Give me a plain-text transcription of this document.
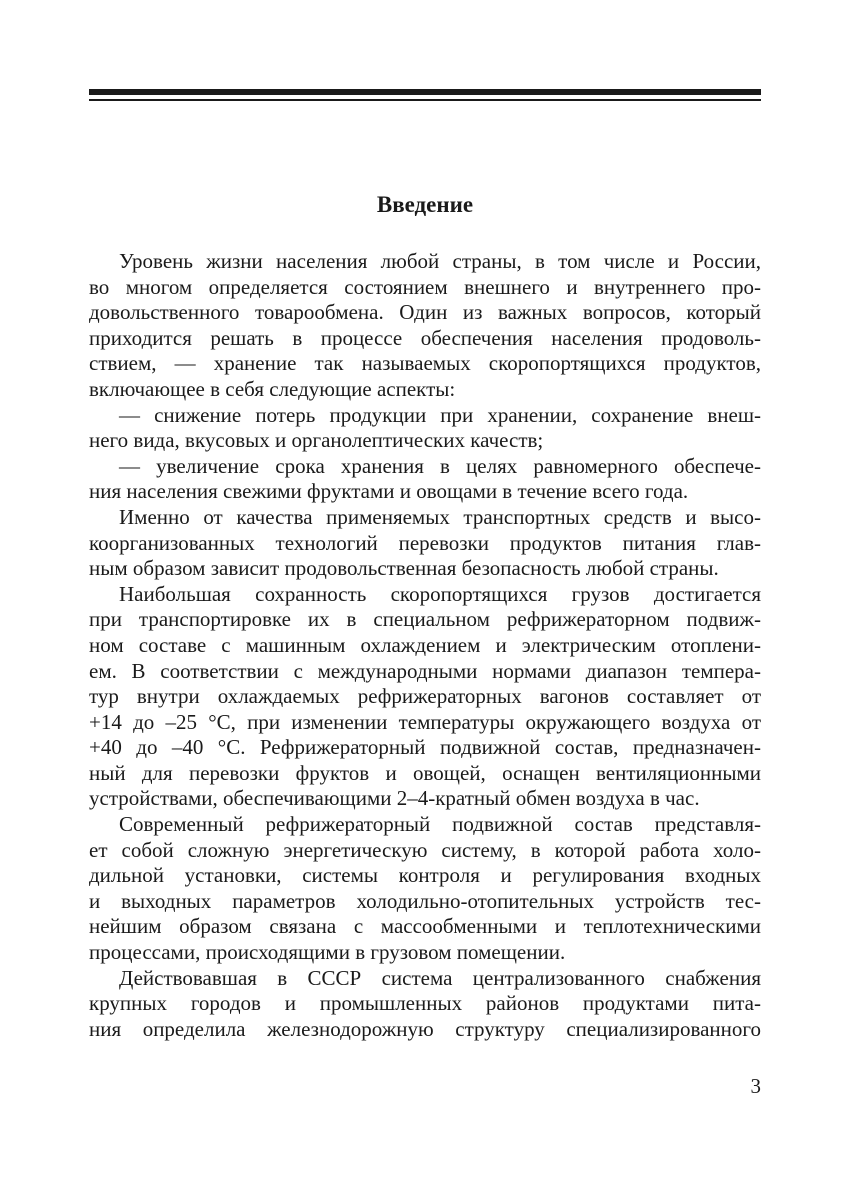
Введение
Уровень жизни населения любой страны, в том числе и России,
во многом определяется состоянием внешнего и внутреннего про-
довольственного товарообмена. Один из важных вопросов, который
приходится решать в процессе обеспечения населения продоволь-
ствием, — хранение так называемых скоропортящихся продуктов,
включающее в себя следующие аспекты:
— снижение потерь продукции при хранении, сохранение внеш-
него вида, вкусовых и органолептических качеств;
— увеличение срока хранения в целях равномерного обеспече-
ния населения свежими фруктами и овощами в течение всего года.
Именно от качества применяемых транспортных средств и высо-
коорганизованных технологий перевозки продуктов питания глав-
ным образом зависит продовольственная безопасность любой страны.
Наибольшая сохранность скоропортящихся грузов достигается
при транспортировке их в специальном рефрижераторном подвиж-
ном составе с машинным охлаждением и электрическим отоплени-
ем. В соответствии с международными нормами диапазон темпера-
тур внутри охлаждаемых рефрижераторных вагонов составляет от
+14 до –25 °С, при изменении температуры окружающего воздуха от
+40 до –40 °С. Рефрижераторный подвижной состав, предназначен-
ный для перевозки фруктов и овощей, оснащен вентиляционными
устройствами, обеспечивающими 2–4-кратный обмен воздуха в час.
Современный рефрижераторный подвижной состав представля-
ет собой сложную энергетическую систему, в которой работа холо-
дильной установки, системы контроля и регулирования входных
и выходных параметров холодильно-отопительных устройств тес-
нейшим образом связана с массообменными и теплотехническими
процессами, происходящими в грузовом помещении.
Действовавшая в СССР система централизованного снабжения
крупных городов и промышленных районов продуктами пита-
ния определила железнодорожную структуру специализированного
3
